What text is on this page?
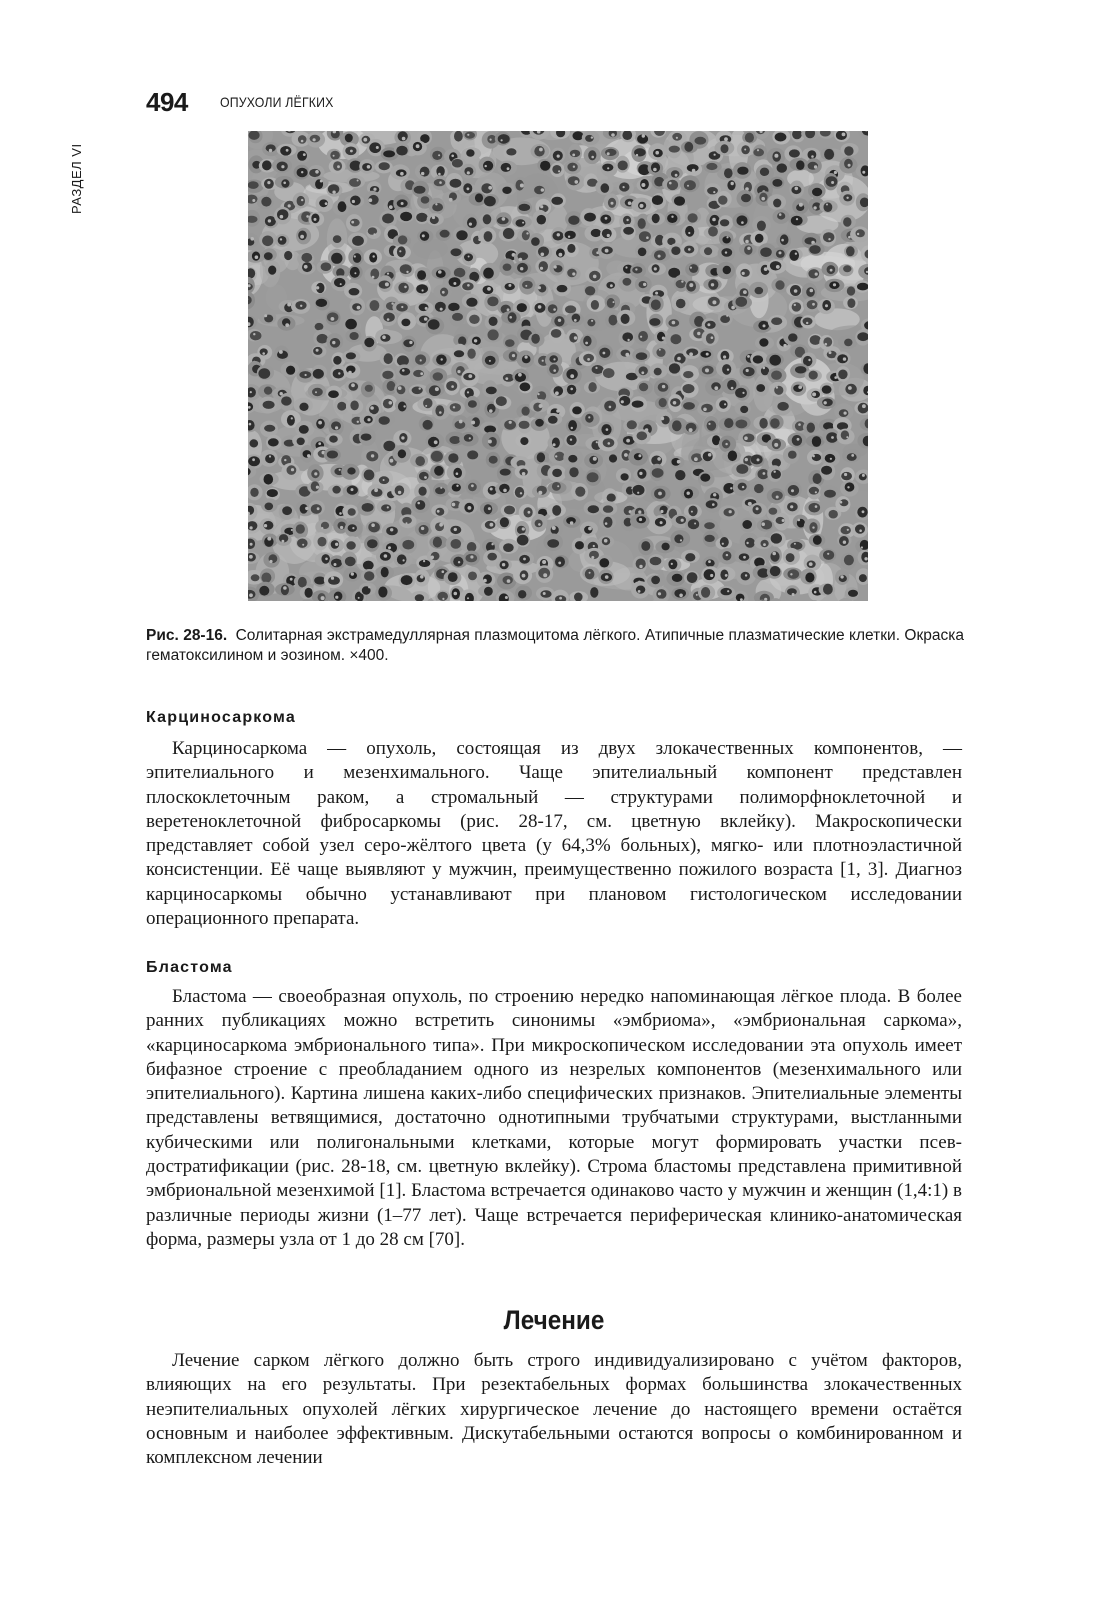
494 ОПУХОЛИ ЛЁГКИХ
РАЗДЕЛ VI
Рис. 28-16. Солитарная экстрамедуллярная плазмоцитома лёгкого. Атипичные плазматические клетки. Окраска гематоксилином и эозином. ×400.
Карциносаркома
Карциносаркома — опухоль, состоящая из двух злокачественных компонентов, — эпителиального и мезенхимального. Чаще эпителиальный компонент представлен плоскоклеточным раком, а стромальный — структурами полиморфноклеточной и веретеноклеточной фибросаркомы (рис. 28-17, см. цветную вклейку). Макроскопически представляет собой узел серо-жёлтого цвета (у 64,3% больных), мягко- или плотноэластичной консистенции. Её чаще выявляют у мужчин, преимущественно пожилого возраста [1, 3]. Диагноз карциносаркомы обычно устанавливают при плановом гистологическом исследовании операционного препарата.
Бластома
Бластома — своеобразная опухоль, по строению нередко напоминающая лёгкое плода. В более ранних публикациях можно встретить синонимы «эмбриома», «эмбриональная саркома», «карциносаркома эмбрионального типа». При микроскопическом исследовании эта опухоль имеет бифазное строение с преобладанием одного из незрелых компонентов (мезенхимального или эпителиального). Картина лишена каких-либо специфических признаков. Эпителиальные элементы представлены ветвящимися, достаточно однотипными трубчатыми структурами, выстланными кубическими или полигональными клетками, которые могут формировать участки псевдостратификации (рис. 28-18, см. цветную вклейку). Строма бластомы представлена примитивной эмбриональной мезенхимой [1]. Бластома встречается одинаково часто у мужчин и женщин (1,4:1) в различные периоды жизни (1–77 лет). Чаще встречается периферическая клинико-анатомическая форма, размеры узла от 1 до 28 см [70].
Лечение
Лечение сарком лёгкого должно быть строго индивидуализировано с учётом факторов, влияющих на его результаты. При резектабельных формах большинства злокачественных неэпителиальных опухолей лёгких хирургическое лечение до настоящего времени остаётся основным и наиболее эффективным. Дискутабельными остаются вопросы о комбинированном и комплексном лечении
